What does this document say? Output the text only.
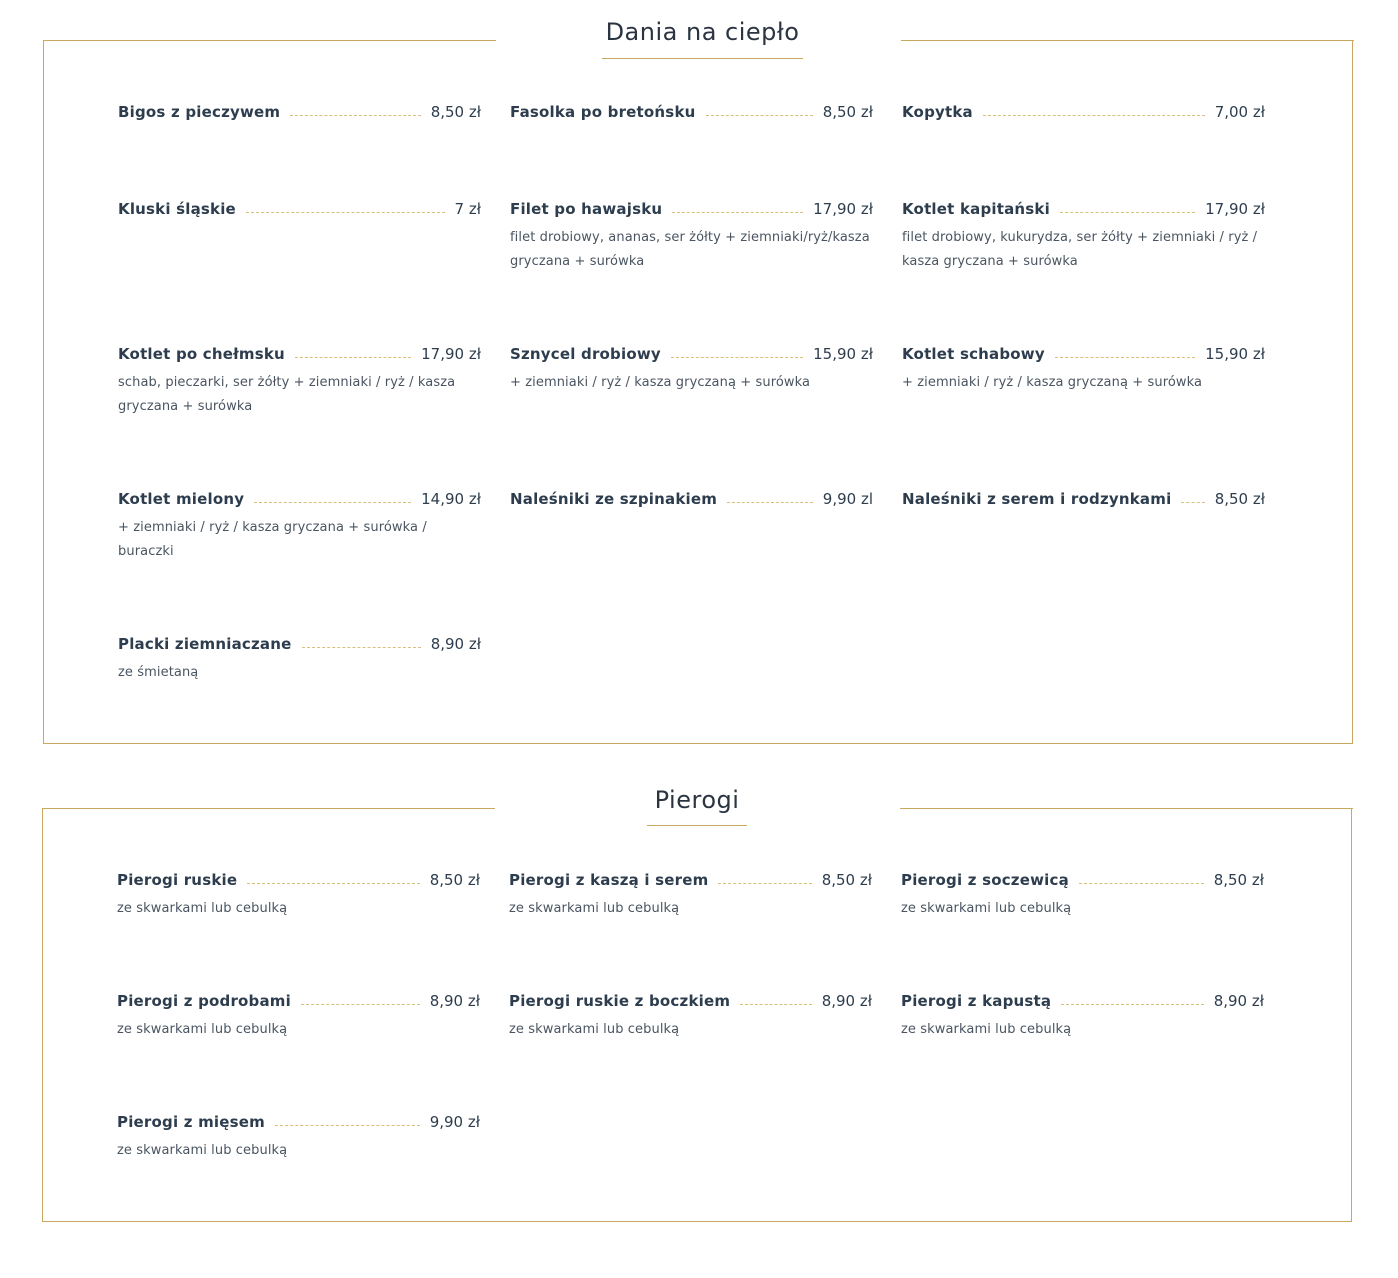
Dania na ciepło
Bigos z pieczywem	8,50 zł Fasolka po bretońsku	8,50 zł Kopytka	7,00 zł
Kluski śląskie	7 zł Filet po hawajsku	17,90 zł
filet drobiowy, ananas, ser żółty + ziemniaki/ryż/kasza gryczana + surówka
Kotlet kapitański	17,90 zł
filet drobiowy, kukurydza, ser żółty + ziemniaki / ryż / kasza gryczana + surówka
Kotlet po chełmsku	17,90 zł
schab, pieczarki, ser żółty + ziemniaki / ryż / kasza gryczana + surówka
Sznycel drobiowy	15,90 zł
+ ziemniaki / ryż / kasza gryczaną + surówka
Kotlet schabowy	15,90 zł
+ ziemniaki / ryż / kasza gryczaną + surówka
Kotlet mielony	14,90 zł
+ ziemniaki / ryż / kasza gryczana + surówka / buraczki
Naleśniki ze szpinakiem	9,90 zl Naleśniki z serem i rodzynkami	8,50 zł
Placki ziemniaczane	8,90 zł
ze śmietaną
Pierogi
Pierogi ruskie	8,50 zł
ze skwarkami lub cebulką
Pierogi z kaszą i serem	8,50 zł
ze skwarkami lub cebulką
Pierogi z soczewicą	8,50 zł
ze skwarkami lub cebulką
Pierogi z podrobami	8,90 zł
ze skwarkami lub cebulką
Pierogi ruskie z boczkiem	8,90 zł
ze skwarkami lub cebulką
Pierogi z kapustą	8,90 zł
ze skwarkami lub cebulką
Pierogi z mięsem	9,90 zł
ze skwarkami lub cebulką
